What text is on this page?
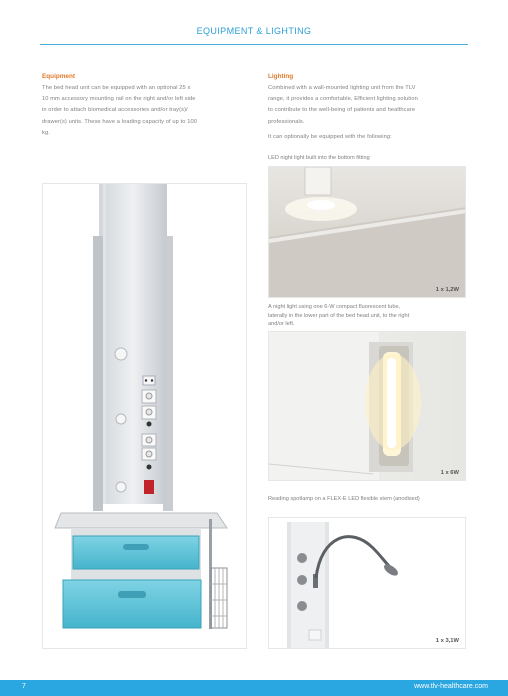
EQUIPMENT & LIGHTING
Equipment
The bed head unit can be equipped with an optional 25 x
10 mm accessory mounting rail on the right and/or left side
in order to attach biomedical accessories and/or tray(s)/
drawer(s) units. These have a loading capacity of up to 100
kg.
Lighting
Combined with a wall-mounted lighting unit from the TLV
range, it provides a comfortable, Efficient lighting solution
to contribute to the well-being of patients and healthcare
professionals.
It can optionally be equipped with the following:
LED night light built into the bottom fitting
1 x 1,2W
A night light using one 6-W compact fluorescent tube,
laterally in the lower part of the bed head unit, to the right
and/or left.
1 x 6W
Reading spotlamp on a FLEX-E LED flexible stem (anodised)
1 x 3,1W
7	www.tlv-healthcare.com
